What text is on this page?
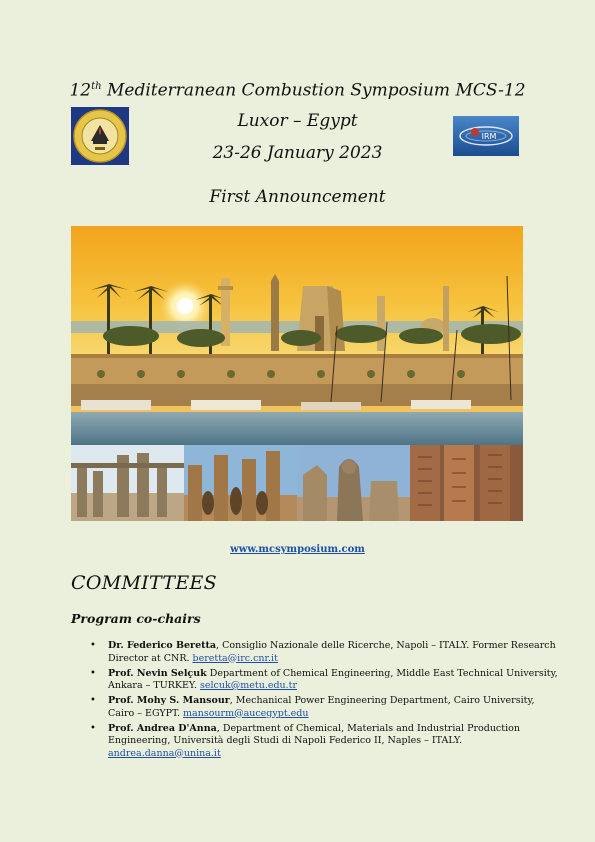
12th Mediterranean Combustion Symposium MCS-12
Luxor – Egypt
23-26 January 2023
First Announcement
IRM
www.mcsymposium.com
COMMITTEES
Program co-chairs
• Dr. Federico Beretta, Consiglio Nazionale delle Ricerche, Napoli – ITALY. Former Research Director at CNR. beretta@irc.cnr.it
• Prof. Nevin Selçuk Department of Chemical Engineering, Middle East Technical University, Ankara – TURKEY. selcuk@metu.edu.tr
• Prof. Mohy S. Mansour, Mechanical Power Engineering Department, Cairo University, Cairo – EGYPT. mansourm@aucegypt.edu
• Prof. Andrea D'Anna, Department of Chemical, Materials and Industrial Production Engineering, Università degli Studi di Napoli Federico II, Naples – ITALY. andrea.danna@unina.it
